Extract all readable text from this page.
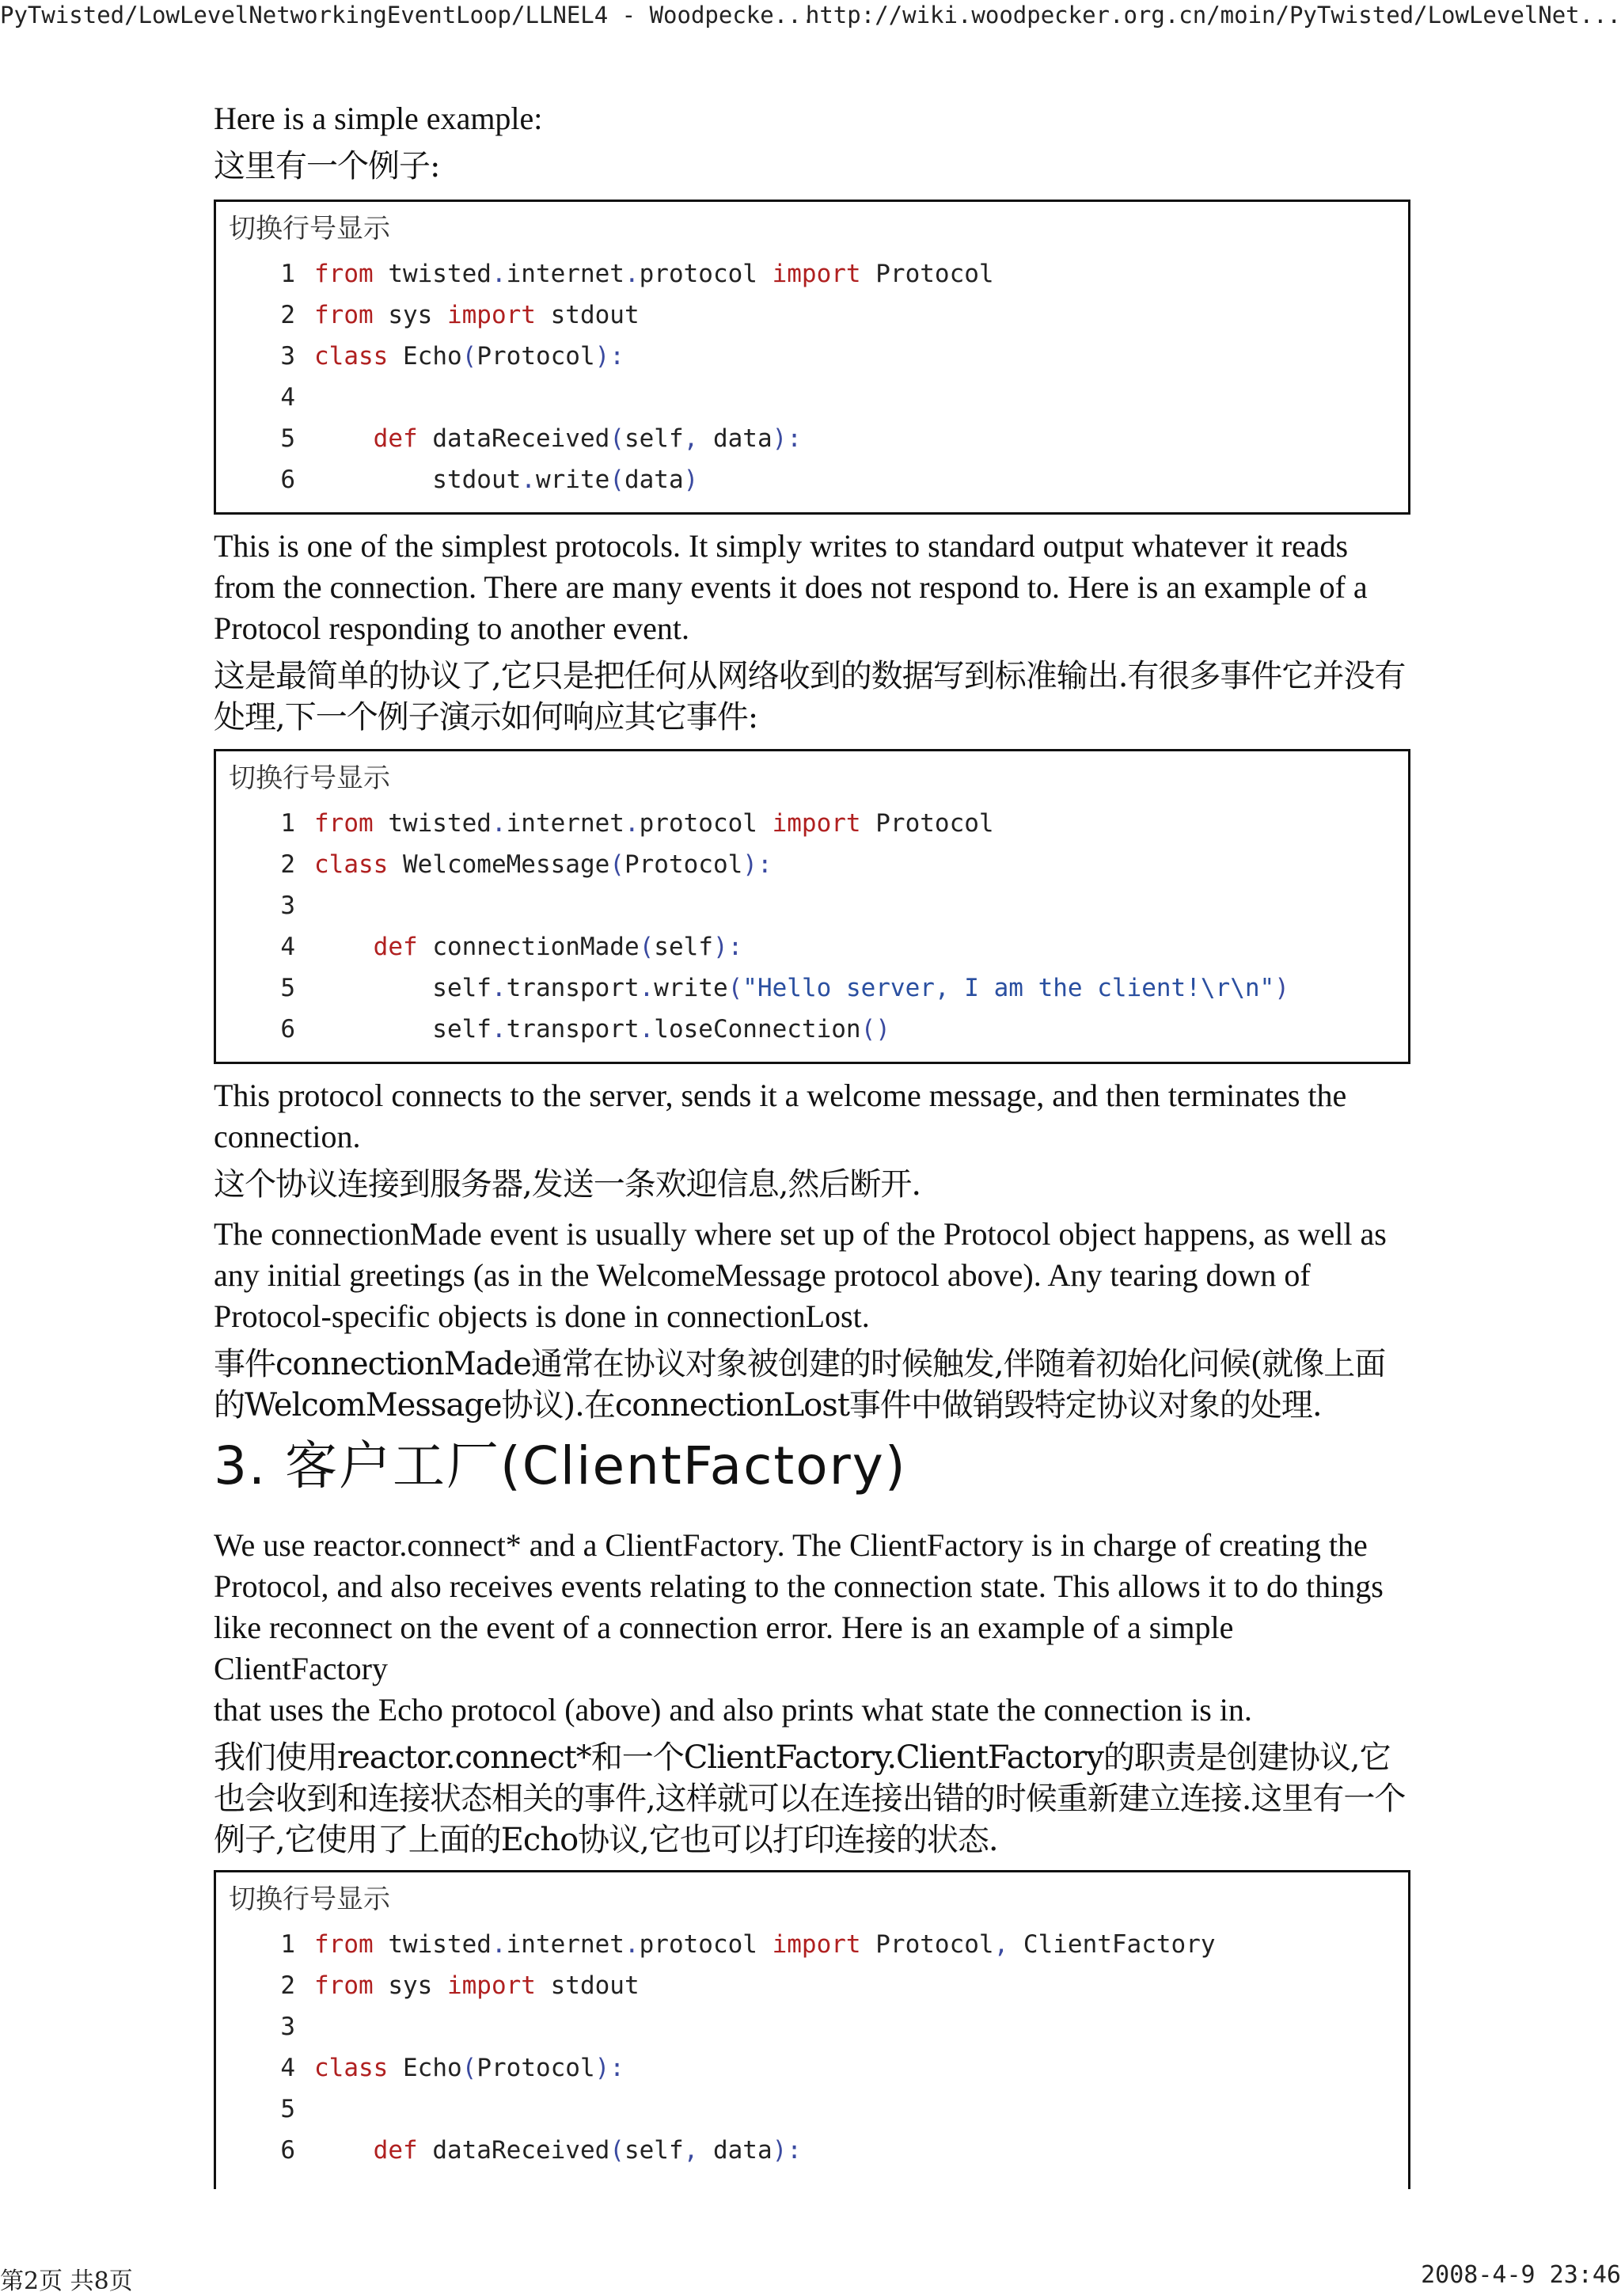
PyTwisted/LowLevelNetworkingEventLoop/LLNEL4 - Woodpecke...
http://wiki.woodpecker.org.cn/moin/PyTwisted/LowLevelNet...

Here is a simple example:

这里有一个例子:

切换行号显示
1 from twisted.internet.protocol import Protocol
2 from sys import stdout
3 class Echo(Protocol):
4
5	def dataReceived(self, data):
6        stdout.write(data)

This is one of the simplest protocols. It simply writes to standard output whatever it reads from the connection. There are many events it does not respond to. Here is an example of a Protocol responding to another event.

这是最简单的协议了,它只是把任何从网络收到的数据写到标准输出.有很多事件它并没有处理,下一个例子演示如何响应其它事件:

切换行号显示
1 from twisted.internet.protocol import Protocol
2 class WelcomeMessage(Protocol):
3
4	def connectionMade(self):
5        self.transport.write("Hello server, I am the client!\r\n")
6        self.transport.loseConnection()

This protocol connects to the server, sends it a welcome message, and then terminates the connection.

这个协议连接到服务器,发送一条欢迎信息,然后断开.

The connectionMade event is usually where set up of the Protocol object happens, as well as any initial greetings (as in the WelcomeMessage protocol above). Any tearing down of Protocol-specific objects is done in connectionLost.

事件connectionMade通常在协议对象被创建的时候触发,伴随着初始化问候(就像上面的WelcomMessage协议).在connectionLost事件中做销毁特定协议对象的处理.

3. 客户工厂(ClientFactory)

We use reactor.connect* and a ClientFactory. The ClientFactory is in charge of creating the Protocol, and also receives events relating to the connection state. This allows it to do things like reconnect on the event of a connection error. Here is an example of a simple ClientFactory

that uses the Echo protocol (above) and also prints what state the connection is in.

我们使用reactor.connect*和一个ClientFactory.ClientFactory的职责是创建协议,它也会收到和连接状态相关的事件,这样就可以在连接出错的时候重新建立连接.这里有一个例子,它使用了上面的Echo协议,它也可以打印连接的状态.

切换行号显示
1 from twisted.internet.protocol import Protocol, ClientFactory
2 from sys import stdout
3
4 class Echo(Protocol):
5
6	def dataReceived(self, data):
第2页 共8页	2008-4-9 23:46
